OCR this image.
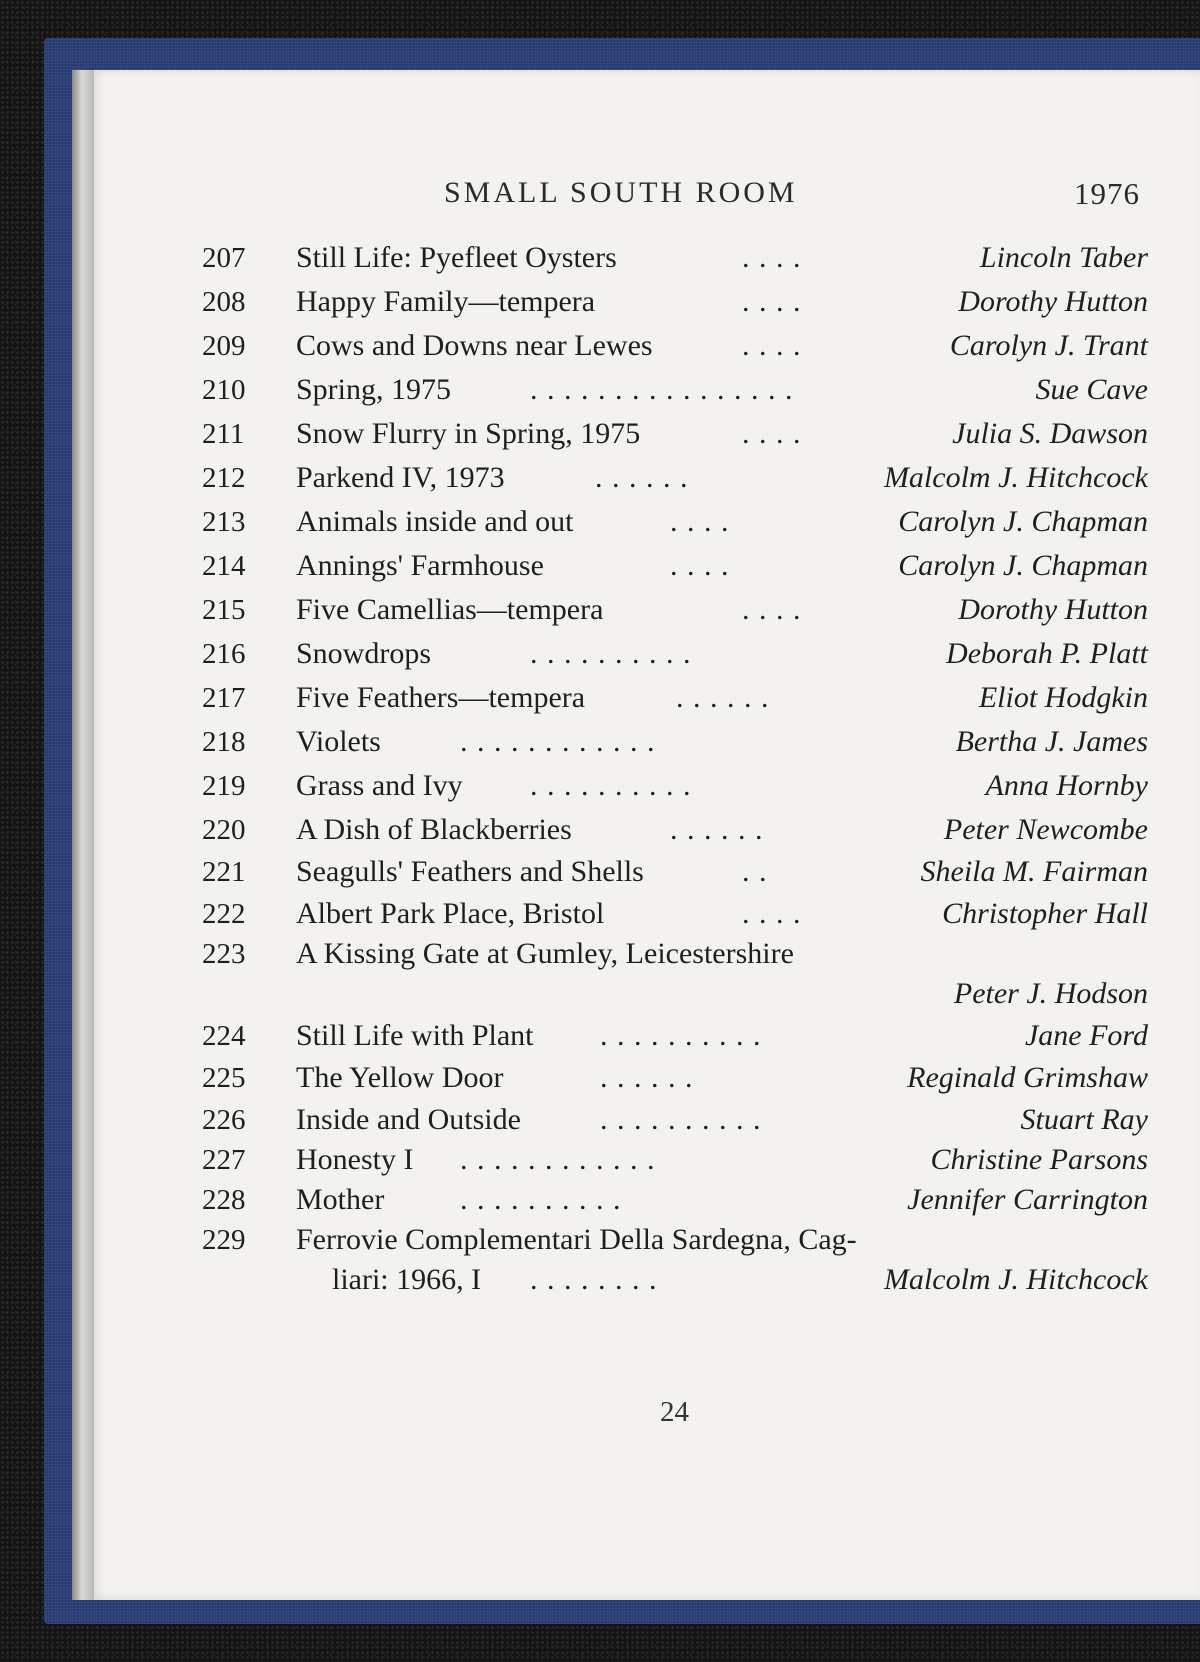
SMALL SOUTH ROOM	1976
207	Still Life: Pyefleet Oysters	. . . .	Lincoln Taber
208	Happy Family—tempera	. . . .	Dorothy Hutton
209	Cows and Downs near Lewes	. . . .	Carolyn J. Trant
210	Spring, 1975	. . . . . . . . . . . . . . . .	Sue Cave
211	Snow Flurry in Spring, 1975	. . . .	Julia S. Dawson
212	Parkend IV, 1973	. . . . . .	Malcolm J. Hitchcock
213	Animals inside and out	. . . .	Carolyn J. Chapman
214	Annings' Farmhouse	. . . .	Carolyn J. Chapman
215	Five Camellias—tempera	. . . .	Dorothy Hutton
216	Snowdrops	. . . . . . . . . .	Deborah P. Platt
217	Five Feathers—tempera	. . . . . .	Eliot Hodgkin
218	Violets	. . . . . . . . . . . .	Bertha J. James
219	Grass and Ivy . . . . . . . . . .	Anna Hornby
220	A Dish of Blackberries	. . . . . .	Peter Newcombe
221	Seagulls' Feathers and Shells	. .	Sheila M. Fairman
222	Albert Park Place, Bristol	. . . .	Christopher Hall
223	A Kissing Gate at Gumley, Leicestershire
Peter J. Hodson
224	Still Life with Plant . . . . . . . . . .	Jane Ford
225	The Yellow Door	. . . . . .	Reginald Grimshaw
226	Inside and Outside	. . . . . . . . . .	Stuart Ray
227	Honesty I . . . . . . . . . . . .	Christine Parsons
228	Mother	. . . . . . . . . .	Jennifer Carrington
229	Ferrovie Complementari Della Sardegna, Cag-
liari: 1966, I . . . . . . . .	Malcolm J. Hitchcock
24
